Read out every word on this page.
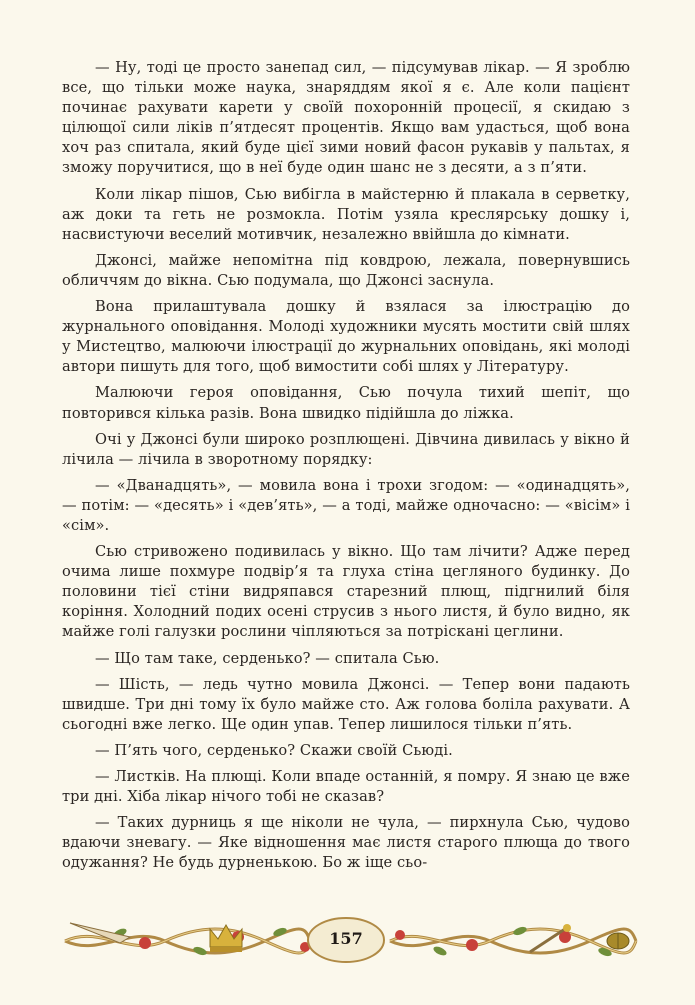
— Ну, тоді це просто занепад сил, — підсумував лікар. — Я зроблю все, що тільки може наука, знаряддям якої я є. Але коли пацієнт починає рахувати карети у своїй похоронній процесії, я скидаю з цілющої сили ліків п’ятдесят процентів. Якщо вам удасться, щоб вона хоч раз спитала, який буде цієї зими новий фасон рукавів у пальтах, я зможу поручитися, що в неї буде один шанс не з десяти, а з п’яти.

Коли лікар пішов, Сью вибігла в майстерню й плакала в серветку, аж доки та геть не розмокла. Потім узяла креслярську дошку і, насвистуючи веселий мотивчик, незалежно ввійшла до кімнати.

Джонсі, майже непомітна під ковдрою, лежала, повернувшись обличчям до вікна. Сью подумала, що Джонсі заснула.

Вона прилаштувала дошку й взялася за ілюстрацію до журнального оповідання. Молоді художники мусять мостити свій шлях у Мистецтво, малюючи ілюстрації до журнальних оповідань, які молоді автори пишуть для того, щоб вимостити собі шлях у Літературу.

Малюючи героя оповідання, Сью почула тихий шепіт, що повторився кілька разів. Вона швидко підійшла до ліжка.

Очі у Джонсі були широко розплющені. Дівчина дивилась у вікно й лічила — лічила в зворотному порядку:

— «Дванадцять», — мовила вона і трохи згодом: — «одинадцять», — потім: — «десять» і «дев’ять», — а тоді, майже одночасно: — «вісім» і «сім».

Сью стривожено подивилась у вікно. Що там лічити? Адже перед очима лише похмуре подвір’я та глуха стіна цегляного будинку. До половини тієї стіни видряпався старезний плющ, підгнилий біля коріння. Холодний подих осені струсив з нього листя, й було видно, як майже голі галузки рослини чіпляються за потріскані цеглини.

— Що там таке, серденько? — спитала Сью.

— Шість, — ледь чутно мовила Джонсі. — Тепер вони падають швидше. Три дні тому їх було майже сто. Аж голова боліла рахувати. А сьогодні вже легко. Ще один упав. Тепер лишилося тільки п’ять.

— П’ять чого, серденько? Скажи своїй Сьюді.

— Листків. На плющі. Коли впаде останній, я помру. Я знаю це вже три дні. Хіба лікар нічого тобі не сказав?

— Таких дурниць я ще ніколи не чула, — пирхнула Сью, чудово вдаючи зневагу. — Яке відношення має листя старого плюща до твого одужання? Не будь дурненькою. Бо ж іще сьо-

157
